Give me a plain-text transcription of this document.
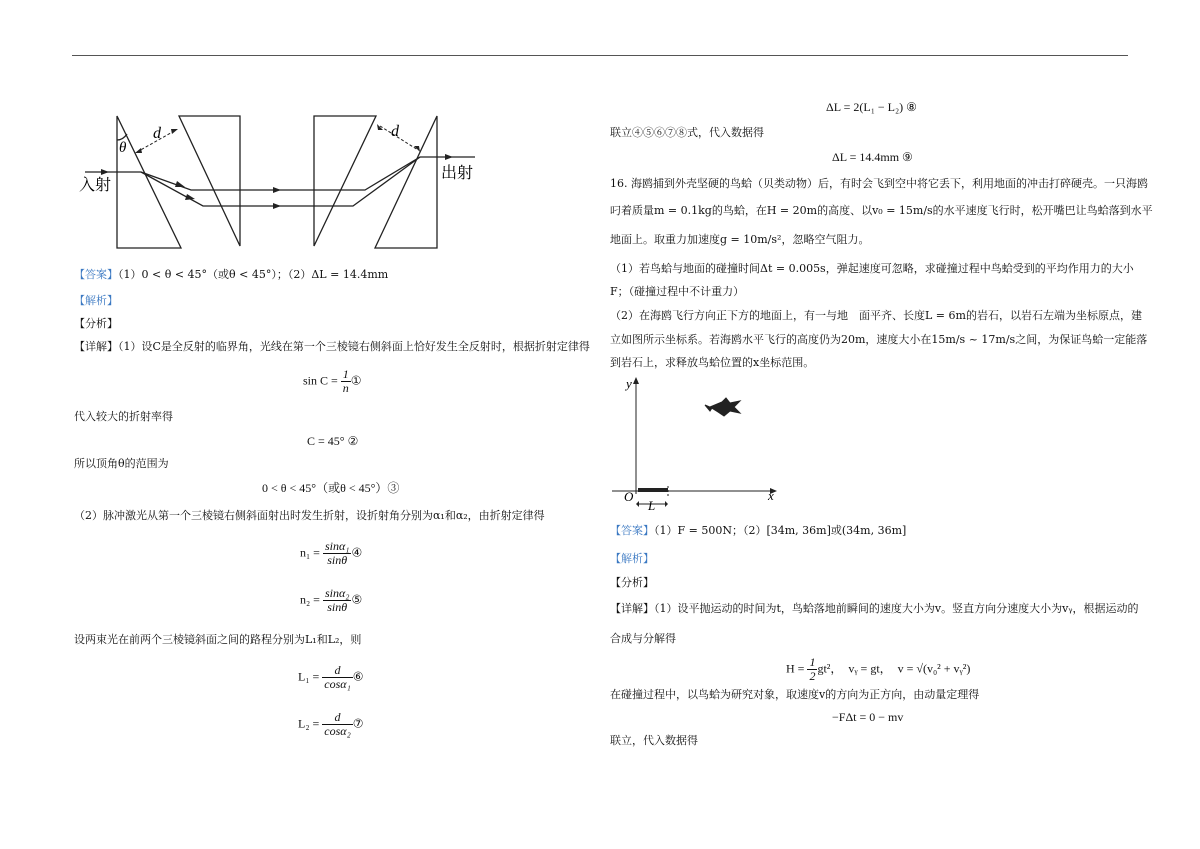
θ
d	d
入射
出射
【答案】（1）0 < θ < 45°（或θ < 45°）；（2）ΔL = 14.4mm
【解析】
【分析】
【详解】（1）设C是全反射的临界角，光线在第一个三棱镜右侧斜面上恰好发生全反射时，根据折射定律得
$\sin C = \frac{1}{n}$ ①
代入较大的折射率得
C = 45° ②
所以顶角θ的范围为
0 < θ < 45°（或θ < 45°）③
（2）脉冲激光从第一个三棱镜右侧斜面射出时发生折射，设折射角分别为α₁和α₂，由折射定律得
$n_1 = \frac{\text{sinα₁}}{\sin\theta}$ ④
$n_2 = \frac{\text{sinα₂}}{\sin\theta}$ ⑤
设两束光在前两个三棱镜斜面之间的路程分别为L₁和L₂，则
$L_1 = \frac{d}{\text{cosα₁}}$ ⑥
$L_2 = \frac{d}{\text{cosα₂}}$ ⑦
ΔL = 2(L₁ − L₂) ⑧
联立④⑤⑥⑦⑧式，代入数据得
ΔL = 14.4mm ⑨
16. 海鸥捕到外壳坚硬的鸟蛤（贝类动物）后，有时会飞到空中将它丢下，利用地面的冲击打碎硬壳。一只海鸥
叼着质量m = 0.1kg的鸟蛤，在H = 20m的高度、以v₀ = 15m/s的水平速度飞行时，松开嘴巴让鸟蛤落到水平
地面上。取重力加速度g = 10m/s²，忽略空气阻力。
（1）若鸟蛤与地面的碰撞时间Δt = 0.005s，弹起速度可忽略，求碰撞过程中鸟蛤受到的平均作用力的大小
F；（碰撞过程中不计重力）
（2）在海鸥飞行方向正下方的地面上，有一与地　面平齐、长度L = 6m的岩石，以岩石左端为坐标原点，建
立如图所示坐标系。若海鸥水平飞行的高度仍为20m，速度大小在15m/s ~ 17m/s之间，为保证鸟蛤一定能落
到岩石上，求释放鸟蛤位置的x坐标范围。
y
x
O
L
【答案】（1）F = 500N；（2）[34m, 36m]或(34m, 36m]
【解析】
【分析】
【详解】（1）设平抛运动的时间为t，鸟蛤落地前瞬间的速度大小为v。竖直方向分速度大小为vᵧ，根据运动的
合成与分解得
$H = \frac{1}{2} gt^2$，　vᵧ = gt，　v = √(v₀² + vᵧ²)
在碰撞过程中，以鸟蛤为研究对象，取速度v的方向为正方向，由动量定理得
−FΔt = 0 − mv
联立，代入数据得
